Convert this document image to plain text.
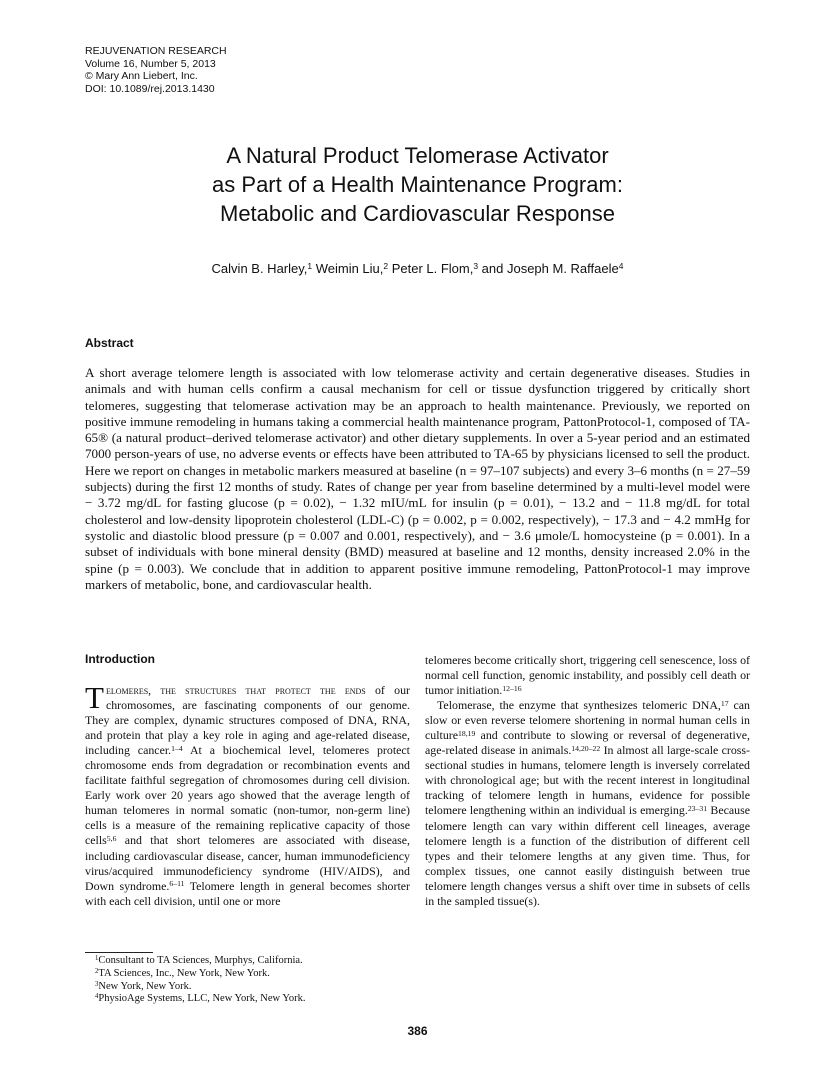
REJUVENATION RESEARCH
Volume 16, Number 5, 2013
© Mary Ann Liebert, Inc.
DOI: 10.1089/rej.2013.1430
A Natural Product Telomerase Activator
as Part of a Health Maintenance Program:
Metabolic and Cardiovascular Response
Calvin B. Harley,$^1$ Weimin Liu,$^2$ Peter L. Flom,$^3$ and Joseph M. Raffaele$^4$
Abstract

A short average telomere length is associated with low telomerase activity and certain degenerative diseases. Studies in animals and with human cells confirm a causal mechanism for cell or tissue dysfunction triggered by critically short telomeres, suggesting that telomerase activation may be an approach to health maintenance. Previously, we reported on positive immune remodeling in humans taking a commercial health maintenance program, PattonProtocol-1, composed of TA-65® (a natural product–derived telomerase activator) and other dietary supplements. In over a 5-year period and an estimated 7000 person-years of use, no adverse events or effects have been attributed to TA-65 by physicians licensed to sell the product. Here we report on changes in metabolic markers measured at baseline (n = 97–107 subjects) and every 3–6 months (n = 27–59 subjects) during the first 12 months of study. Rates of change per year from baseline determined by a multi-level model were − 3.72 mg/dL for fasting glucose (p = 0.02), − 1.32 mIU/mL for insulin (p = 0.01), − 13.2 and − 11.8 mg/dL for total cholesterol and low-density lipoprotein cholesterol (LDL-C) (p = 0.002, p = 0.002, respectively), − 17.3 and − 4.2 mmHg for systolic and diastolic blood pressure (p = 0.007 and 0.001, respectively), and − 3.6 μmole/L homocysteine (p = 0.001). In a subset of individuals with bone mineral density (BMD) measured at baseline and 12 months, density increased 2.0% in the spine (p = 0.003). We conclude that in addition to apparent positive immune remodeling, PattonProtocol-1 may improve markers of metabolic, bone, and cardiovascular health.

Introduction

Telomeres, the structures that protect the ends of our chromosomes, are fascinating components of our genome. They are complex, dynamic structures composed of DNA, RNA, and protein that play a key role in aging and age-related disease, including cancer.$^{1-4}$ At a biochemical level, telomeres protect chromosome ends from degradation or recombination events and facilitate faithful segregation of chromosomes during cell division. Early work over 20 years ago showed that the average length of human telomeres in normal somatic (non-tumor, non-germ line) cells is a measure of the remaining replicative capacity of those cells$^{5,6}$ and that short telomeres are associated with disease, including cardiovascular disease, cancer, human immunodeficiency virus/acquired immunodeficiency syndrome (HIV/AIDS), and Down syndrome.$^{6-11}$ Telomere length in general becomes shorter with each cell division, until one or more

telomeres become critically short, triggering cell senescence, loss of normal cell function, genomic instability, and possibly cell death or tumor initiation.$^{12-16}$

Telomerase, the enzyme that synthesizes telomeric DNA,$^{17}$ can slow or even reverse telomere shortening in normal human cells in culture$^{18,19}$ and contribute to slowing or reversal of degenerative, age-related disease in animals.$^{14,20-22}$ In almost all large-scale cross-sectional studies in humans, telomere length is inversely correlated with chronological age; but with the recent interest in longitudinal tracking of telomere length in humans, evidence for possible telomere lengthening within an individual is emerging.$^{23-31}$ Because telomere length can vary within different cell lineages, average telomere length is a function of the distribution of different cell types and their telomere lengths at any given time. Thus, for complex tissues, one cannot easily distinguish between true telomere length changes versus a shift over time in subsets of cells in the sampled tissue(s).

$^1$Consultant to TA Sciences, Murphys, California.
$^2$TA Sciences, Inc., New York, New York.
$^3$New York, New York.
$^4$PhysioAge Systems, LLC, New York, New York.
386
